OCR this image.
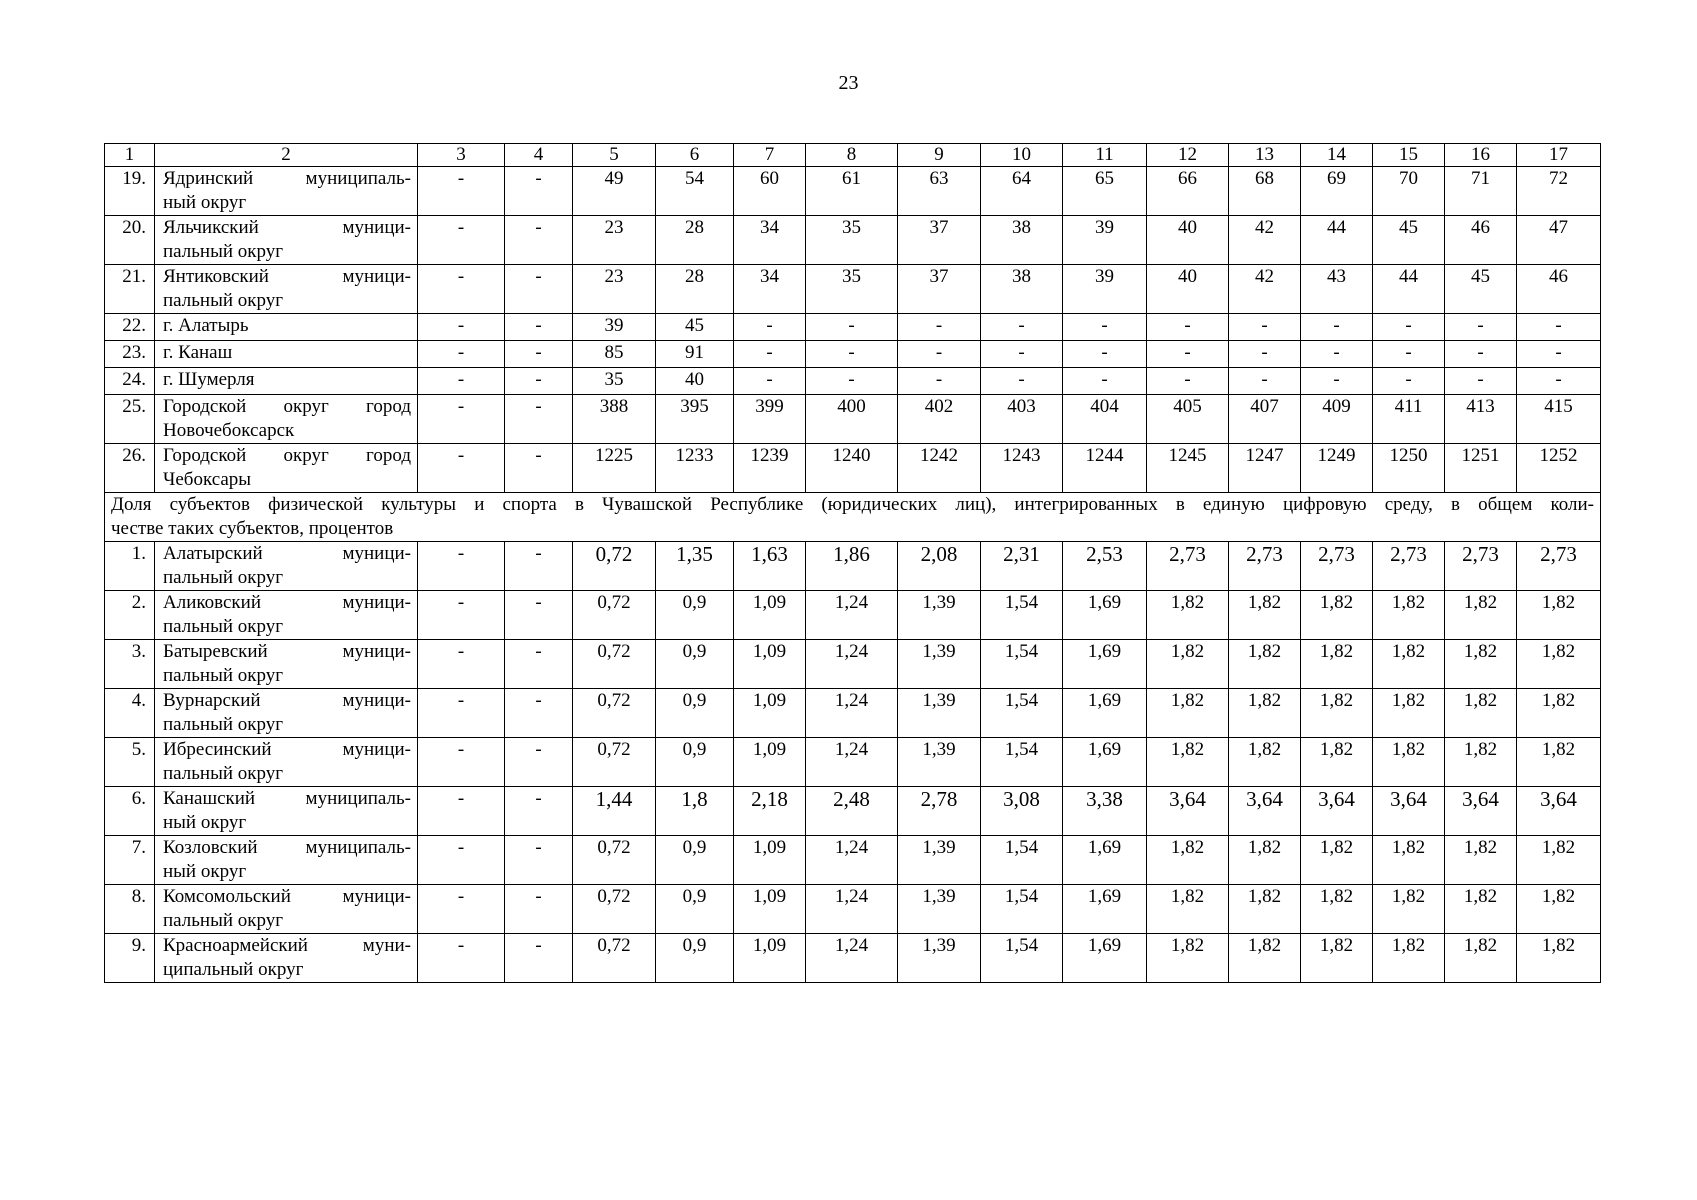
23
1	2	3	4	5	6	7	8	9	10	11	12	13	14	15	16	17
19.	Ядринский муниципаль-
ный округ	-	-	49	54	60	61	63	64	65	66	68	69	70	71	72
20.	Яльчикский муници-
пальный округ	-	-	23	28	34	35	37	38	39	40	42	44	45	46	47
21.	Янтиковский муници-
пальный округ	-	-	23	28	34	35	37	38	39	40	42	43	44	45	46
22.	г. Алатырь	-	-	39	45	-	-	-	-	-	-	-	-	-	-	-
23.	г. Канаш	-	-	85	91	-	-	-	-	-	-	-	-	-	-	-
24.	г. Шумерля	-	-	35	40	-	-	-	-	-	-	-	-	-	-	-
25.	Городской округ город
Новочебоксарск	-	-	388	395	399	400	402	403	404	405	407	409	411	413	415
26.	Городской округ город
Чебоксары	-	-	1225	1233	1239	1240	1242	1243	1244	1245	1247	1249	1250	1251	1252

Доля субъектов физической культуры и спорта в Чувашской Республике (юридических лиц), интегрированных в единую цифровую среду, в общем коли-
честве таких субъектов, процентов																
1.	Алатырский муници-
пальный округ	-	-	0,72	1,35	1,63	1,86	2,08	2,31	2,53	2,73	2,73	2,73	2,73	2,73	2,73
2.	Аликовский муници-
пальный округ	-	-	0,72	0,9	1,09	1,24	1,39	1,54	1,69	1,82	1,82	1,82	1,82	1,82	1,82
3.	Батыревский муници-
пальный округ	-	-	0,72	0,9	1,09	1,24	1,39	1,54	1,69	1,82	1,82	1,82	1,82	1,82	1,82
4.	Вурнарский муници-
пальный округ	-	-	0,72	0,9	1,09	1,24	1,39	1,54	1,69	1,82	1,82	1,82	1,82	1,82	1,82
5.	Ибресинский муници-
пальный округ	-	-	0,72	0,9	1,09	1,24	1,39	1,54	1,69	1,82	1,82	1,82	1,82	1,82	1,82
6.	Канашский муниципаль-
ный округ	-	-	1,44	1,8	2,18	2,48	2,78	3,08	3,38	3,64	3,64	3,64	3,64	3,64	3,64
7.	Козловский муниципаль-
ный округ	-	-	0,72	0,9	1,09	1,24	1,39	1,54	1,69	1,82	1,82	1,82	1,82	1,82	1,82
8.	Комсомольский муници-
пальный округ	-	-	0,72	0,9	1,09	1,24	1,39	1,54	1,69	1,82	1,82	1,82	1,82	1,82	1,82
9.	Красноармейский муни-
ципальный округ	-	-	0,72	0,9	1,09	1,24	1,39	1,54	1,69	1,82	1,82	1,82	1,82	1,82	1,82
